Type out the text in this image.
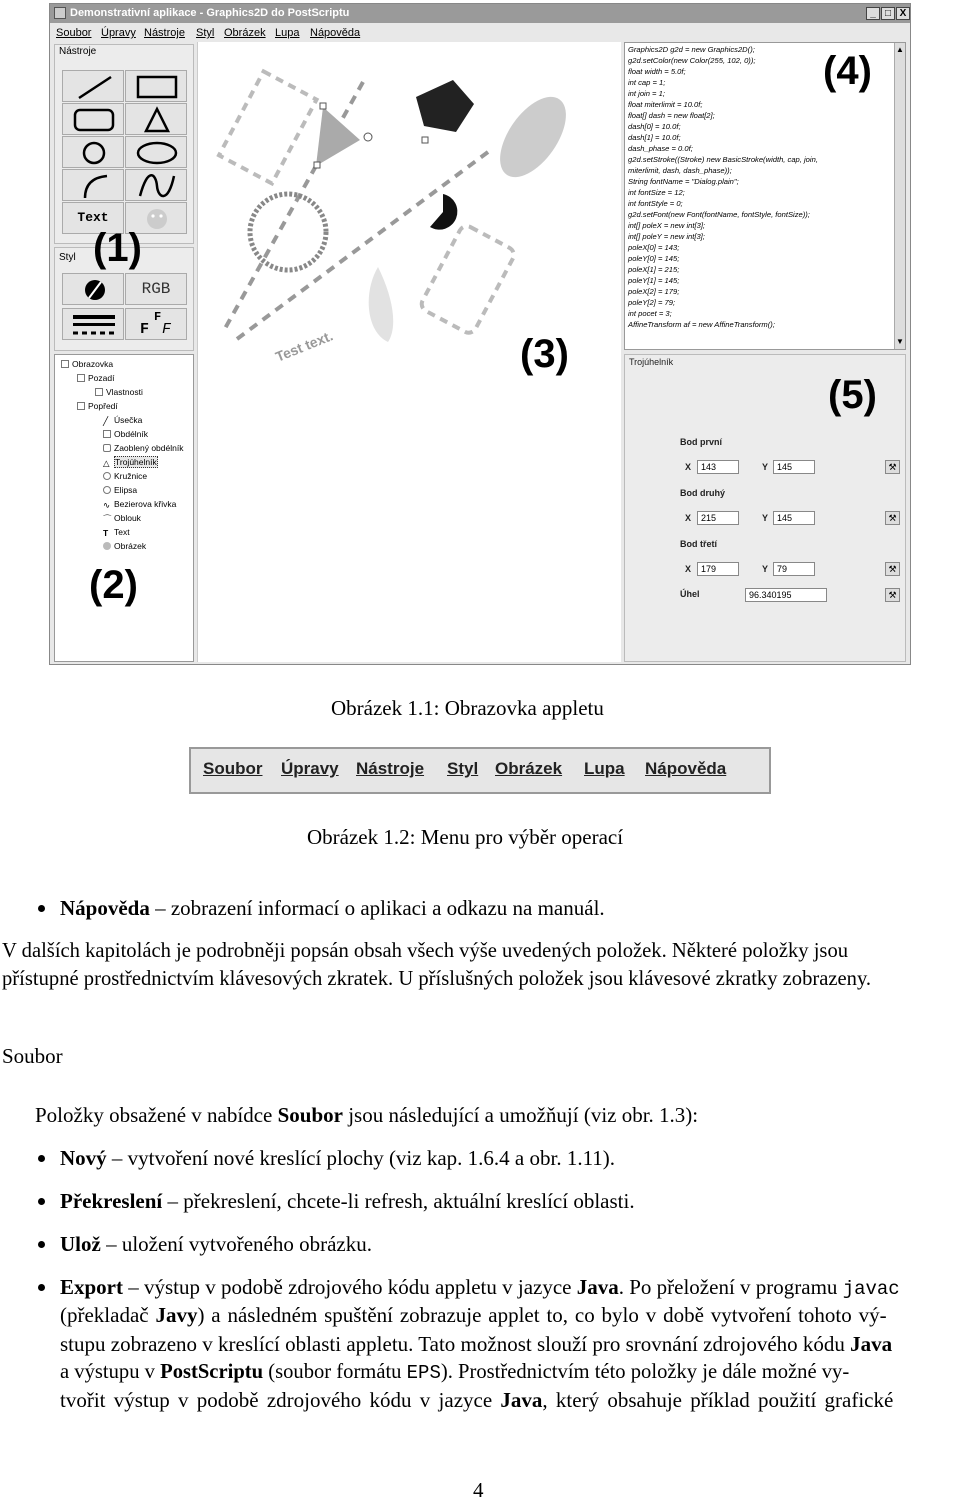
Demonstrativní aplikace - Graphics2D do PostScriptu	_ □ X
Soubor Úpravy Nástroje Styl Obrázek Lupa Nápověda
Nástroje
Text
Styl
RGB
F
F F
(1)
Obrazovka
Pozadí
Vlastnosti
Popředí
╱ Úsečka
Obdélník
Zaoblený obdélník
△ Trojúhelník
Kružnice
Elipsa
∿ Bezierova křivka
⌒ Oblouk
T Text
Obrázek
(2)
Test text.	(3)
Graphics2D g2d = new Graphics2D();
g2d.setColor(new Color(255, 102, 0));
float width = 5.0f;
int cap = 1;
int join = 1;
float miterlimit = 10.0f;
float[] dash = new float[2];
dash[0] = 10.0f;
dash[1] = 10.0f;
dash_phase = 0.0f;
g2d.setStroke((Stroke) new BasicStroke(width, cap, join,
miterlimit, dash, dash_phase));
String fontName = "Dialog.plain";
int fontSize = 12;
int fontStyle = 0;
g2d.setFont(new Font(fontName, fontStyle, fontSize));
int[] poleX = new int[3];
int[] poleY = new int[3];
poleX[0] = 143;
poleY[0] = 145;
poleX[1] = 215;
poleY[1] = 145;
poleX[2] = 179;
poleY[2] = 79;
int pocet = 3;
AffineTransform af = new AffineTransform();
(4)	▲
▼
Trojúhelník
(5)
Bod první
X	143	Y 145	⚒
Bod druhý
X	215	Y 145	⚒
Bod třetí
X	179	Y 79	⚒
Úhel	96.340195	⚒
Obrázek 1.1: Obrazovka appletu
Soubor Úpravy Nástroje Styl Obrázek Lupa Nápověda
Obrázek 1.2: Menu pro výběr operací
Nápověda – zobrazení informací o aplikaci a odkazu na manuál.
V dalších kapitolách je podrobněji popsán obsah všech výše uvedených položek. Některé položky jsou
přístupné prostřednictvím klávesových zkratek. U příslušných položek jsou klávesové zkratky zobrazeny.
Soubor
Položky obsažené v nabídce Soubor jsou následující a umožňují (viz obr. 1.3):
Nový – vytvoření nové kreslící plochy (viz kap. 1.6.4 a obr. 1.11).
Překreslení – překreslení, chcete-li refresh, aktuální kreslící oblasti.
Ulož – uložení vytvořeného obrázku.
Export – výstup v podobě zdrojového kódu appletu v jazyce Java. Po přeložení v programu javac
(překladač Javy) a následném spuštění zobrazuje applet to, co bylo v době vytvoření tohoto vý-
stupu zobrazeno v kreslící oblasti appletu. Tato možnost slouží pro srovnání zdrojového kódu Java
a výstupu v PostScriptu (soubor formátu EPS). Prostřednictvím této položky je dále možné vy-
tvořit výstup v podobě zdrojového kódu v jazyce Java, který obsahuje příklad použití grafické
4
